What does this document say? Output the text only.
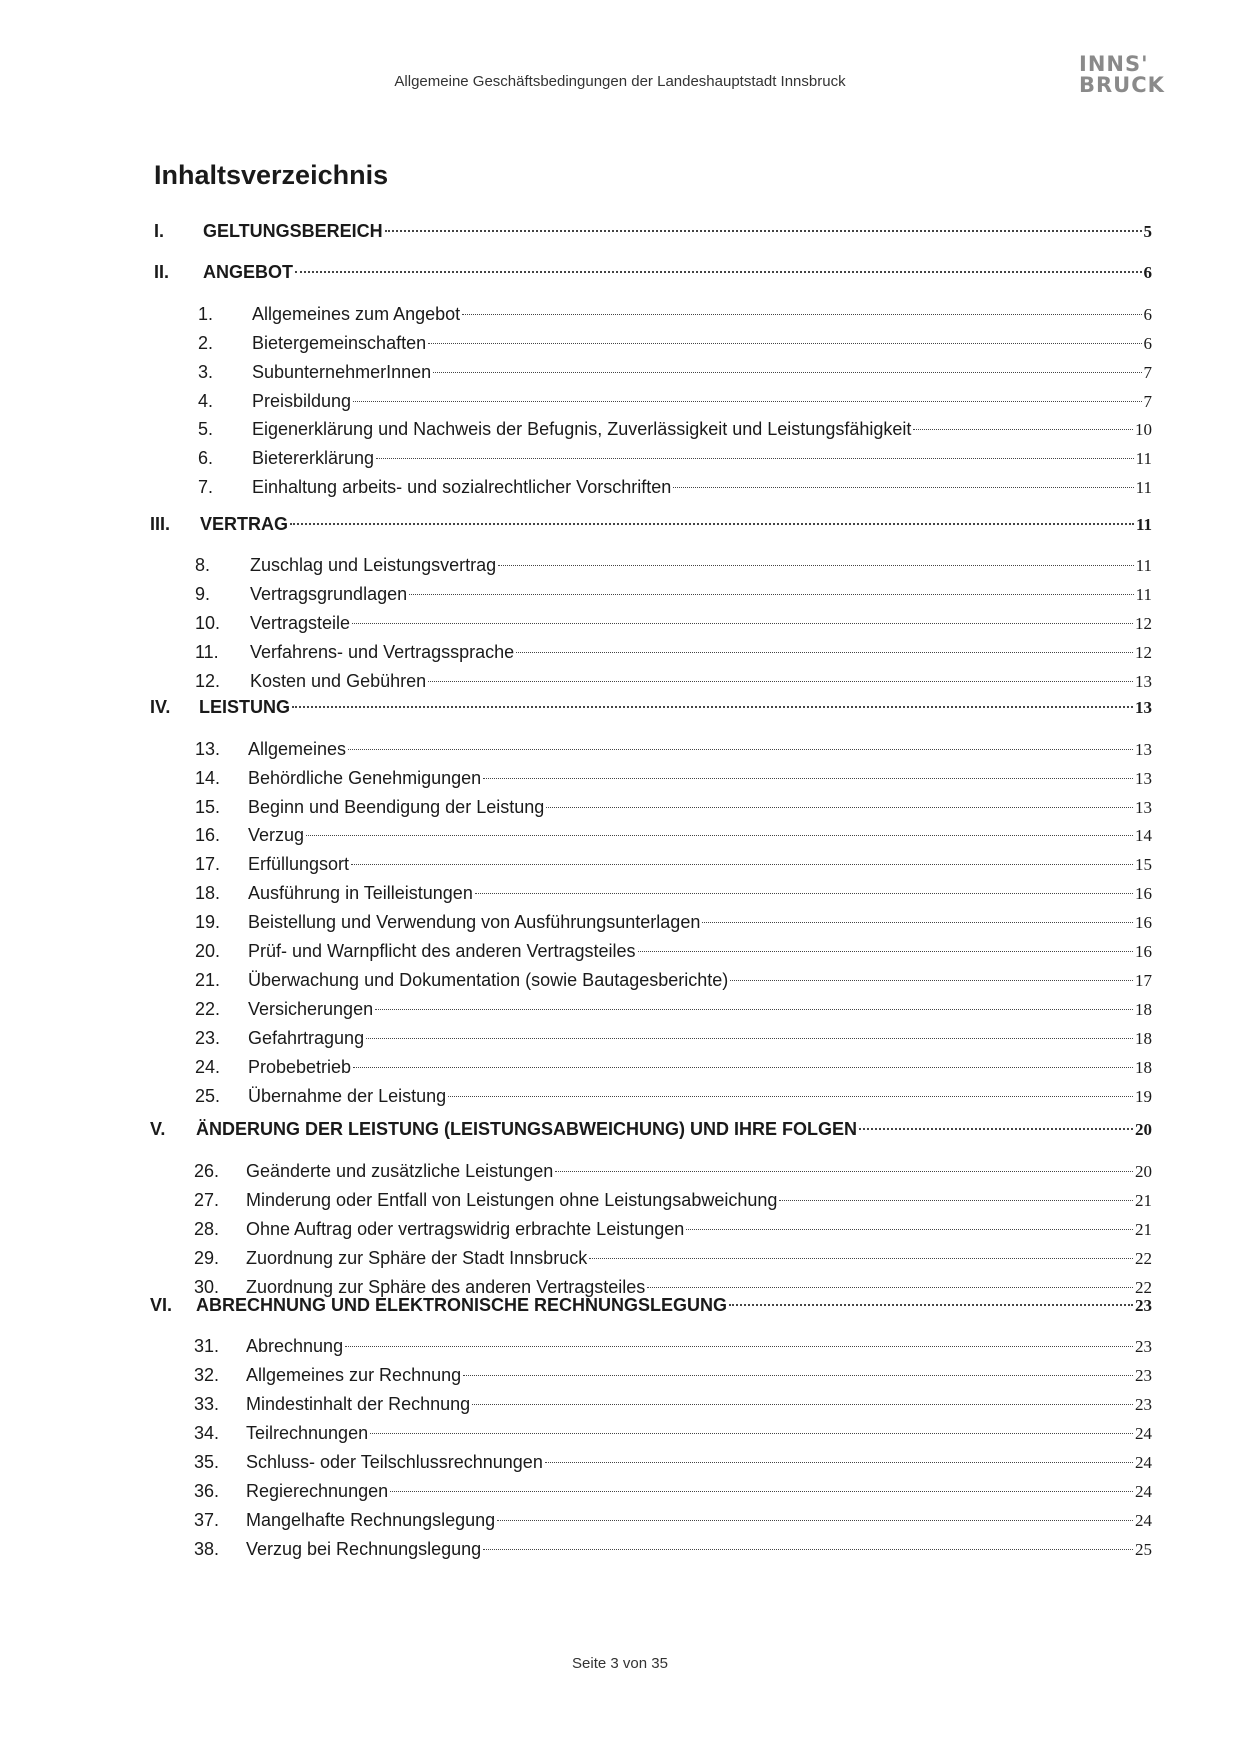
Allgemeine Geschäftsbedingungen der Landeshauptstadt Innsbruck
INNS'
BRUCK
Inhaltsverzeichnis
I.	GELTUNGSBEREICH	5
II.	ANGEBOT	6
1.	Allgemeines zum Angebot	6
2.	Bietergemeinschaften	6
3.	SubunternehmerInnen	7
4.	Preisbildung	7
5.	Eigenerklärung und Nachweis der Befugnis, Zuverlässigkeit und Leistungsfähigkeit	10
6.	Bietererklärung	11
7.	Einhaltung arbeits- und sozialrechtlicher Vorschriften	11
III.	VERTRAG	11
8.	Zuschlag und Leistungsvertrag	11
9.	Vertragsgrundlagen	11
10.	Vertragsteile	12
11.	Verfahrens- und Vertragssprache	12
12.	Kosten und Gebühren	13
IV.	LEISTUNG	13
13.	Allgemeines	13
14.	Behördliche Genehmigungen	13
15.	Beginn und Beendigung der Leistung	13
16.	Verzug	14
17.	Erfüllungsort	15
18.	Ausführung in Teilleistungen	16
19.	Beistellung und Verwendung von Ausführungsunterlagen	16
20.	Prüf- und Warnpflicht des anderen Vertragsteiles	16
21.	Überwachung und Dokumentation (sowie Bautagesberichte)	17
22.	Versicherungen	18
23.	Gefahrtragung	18
24.	Probebetrieb	18
25.	Übernahme der Leistung	19
V.	ÄNDERUNG DER LEISTUNG (LEISTUNGSABWEICHUNG) UND IHRE FOLGEN	20
26.	Geänderte und zusätzliche Leistungen	20
27.	Minderung oder Entfall von Leistungen ohne Leistungsabweichung	21
28.	Ohne Auftrag oder vertragswidrig erbrachte Leistungen	21
29.	Zuordnung zur Sphäre der Stadt Innsbruck	22
30.	Zuordnung zur Sphäre des anderen Vertragsteiles	22
VI.	ABRECHNUNG UND ELEKTRONISCHE RECHNUNGSLEGUNG	23
31.	Abrechnung	23
32.	Allgemeines zur Rechnung	23
33.	Mindestinhalt der Rechnung	23
34.	Teilrechnungen	24
35.	Schluss- oder Teilschlussrechnungen	24
36.	Regierechnungen	24
37.	Mangelhafte Rechnungslegung	24
38.	Verzug bei Rechnungslegung	25
Seite 3 von 35
